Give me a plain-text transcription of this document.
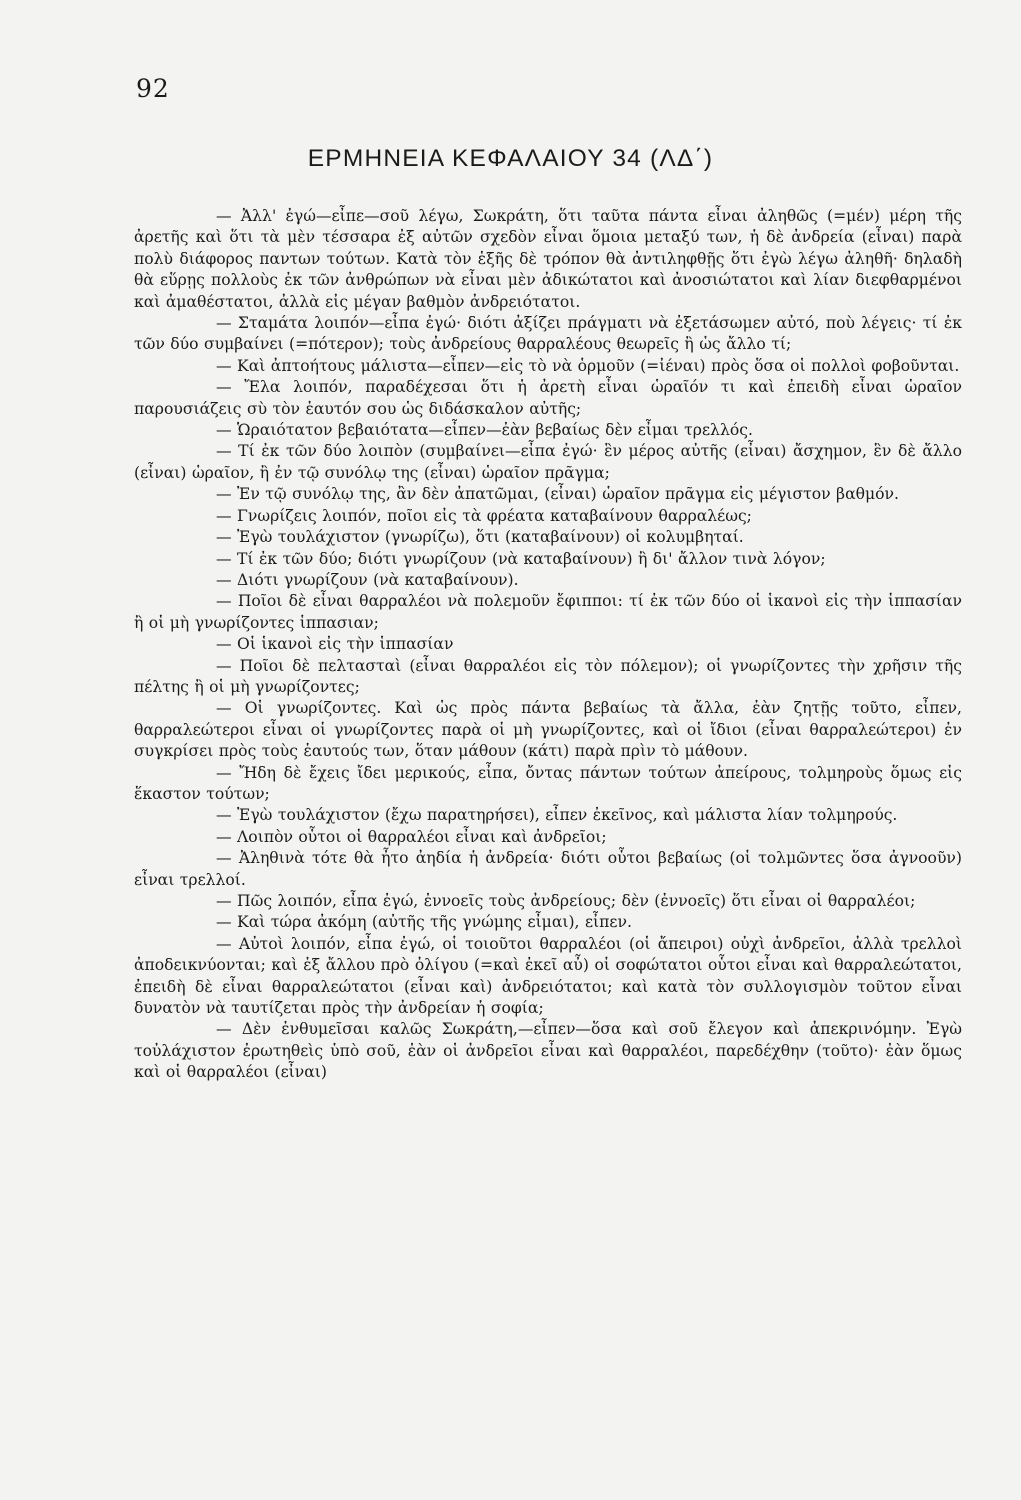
92
ΕΡΜΗΝΕΙΑ ΚΕΦΑΛΑΙΟΥ 34 (ΛΔ΄)

— Ἀλλ' ἐγώ—εἶπε—σοῦ λέγω, Σωκράτη, ὅτι ταῦτα πάντα εἶναι ἀληθῶς (=μέν) μέρη τῆς ἀρετῆς καὶ ὅτι τὰ μὲν τέσσαρα ἐξ αὐτῶν σχεδὸν εἶναι ὅμοια μεταξύ των, ἡ δὲ ἀνδρεία (εἶναι) παρὰ πολὺ διάφορος παντων τούτων. Κατὰ τὸν ἑξῆς δὲ τρόπον θὰ ἀντιληφθῇς ὅτι ἐγὼ λέγω ἀληθῆ· δηλαδὴ θὰ εὕρῃς πολλοὺς ἐκ τῶν ἀνθρώπων νὰ εἶναι μὲν ἀδικώτατοι καὶ ἀνοσιώτατοι καὶ λίαν διεφθαρμένοι καὶ ἀμαθέστατοι, ἀλλὰ εἰς μέγαν βαθμὸν ἀνδρειότατοι.

— Σταμάτα λοιπόν—εἶπα ἐγώ· διότι ἀξίζει πράγματι νὰ ἐξετάσωμεν αὐτό, ποὺ λέγεις· τί ἐκ τῶν δύο συμβαίνει (=πότερον); τοὺς ἀνδρείους θαρραλέους θεωρεῖς ἢ ὡς ἄλλο τί;

— Καὶ ἀπτοήτους μάλιστα—εἶπεν—εἰς τὸ νὰ ὁρμοῦν (=ἰέναι) πρὸς ὅσα οἱ πολλοὶ φοβοῦνται.

— Ἔλα λοιπόν, παραδέχεσαι ὅτι ἡ ἀρετὴ εἶναι ὡραῖόν τι καὶ ἐπειδὴ εἶναι ὡραῖον παρουσιάζεις σὺ τὸν ἑαυτόν σου ὡς διδάσκαλον αὐτῆς;

— Ὡραιότατον βεβαιότατα—εἶπεν—ἐὰν βεβαίως δὲν εἶμαι τρελλός.

— Τί ἐκ τῶν δύο λοιπὸν (συμβαίνει—εἶπα ἐγώ· ἓν μέρος αὐτῆς (εἶναι) ἄσχημον, ἓν δὲ ἄλλο (εἶναι) ὡραῖον, ἢ ἐν τῷ συνόλῳ της (εἶναι) ὡραῖον πρᾶγμα;

— Ἐν τῷ συνόλῳ της, ἂν δὲν ἀπατῶμαι, (εἶναι) ὡραῖον πρᾶγμα εἰς μέγιστον βαθμόν.

— Γνωρίζεις λοιπόν, ποῖοι εἰς τὰ φρέατα καταβαίνουν θαρραλέως;

— Ἐγὼ τουλάχιστον (γνωρίζω), ὅτι (καταβαίνουν) οἱ κολυμβηταί.

— Τί ἐκ τῶν δύο; διότι γνωρίζουν (νὰ καταβαίνουν) ἢ δι' ἄλλον τινὰ λόγον;

— Διότι γνωρίζουν (νὰ καταβαίνουν).

— Ποῖοι δὲ εἶναι θαρραλέοι νὰ πολεμοῦν ἔφιπποι: τί ἐκ τῶν δύο οἱ ἱκανοὶ εἰς τὴν ἱππασίαν ἢ οἱ μὴ γνωρίζοντες ἱππασιαν;

— Οἱ ἱκανοὶ εἰς τὴν ἱππασίαν

— Ποῖοι δὲ πελτασταὶ (εἶναι θαρραλέοι εἰς τὸν πόλεμον); οἱ γνωρίζοντες τὴν χρῆσιν τῆς πέλτης ἢ οἱ μὴ γνωρίζοντες;

— Οἱ γνωρίζοντες. Καὶ ὡς πρὸς πάντα βεβαίως τὰ ἄλλα, ἐὰν ζητῇς τοῦτο, εἶπεν, θαρραλεώτεροι εἶναι οἱ γνωρίζοντες παρὰ οἱ μὴ γνωρίζοντες, καὶ οἱ ἴδιοι (εἶναι θαρραλεώτεροι) ἐν συγκρίσει πρὸς τοὺς ἑαυτούς των, ὅταν μάθουν (κάτι) παρὰ πρὶν τὸ μάθουν.

— Ἤδη δὲ ἔχεις ἴδει μερικούς, εἶπα, ὄντας πάντων τούτων ἀπείρους, τολμηροὺς ὅμως εἰς ἕκαστον τούτων;

— Ἐγὼ τουλάχιστον (ἔχω παρατηρήσει), εἶπεν ἐκεῖνος, καὶ μάλιστα λίαν τολμηρούς.

— Λοιπὸν οὗτοι οἱ θαρραλέοι εἶναι καὶ ἀνδρεῖοι;

— Ἀληθινὰ τότε θὰ ἦτο ἀηδία ἡ ἀνδρεία· διότι οὗτοι βεβαίως (οἱ τολμῶντες ὅσα ἀγνοοῦν) εἶναι τρελλοί.

— Πῶς λοιπόν, εἶπα ἐγώ, ἐννοεῖς τοὺς ἀνδρείους; δὲν (ἐννοεῖς) ὅτι εἶναι οἱ θαρραλέοι;

— Καὶ τώρα ἀκόμη (αὐτῆς τῆς γνώμης εἶμαι), εἶπεν.

— Αὐτοὶ λοιπόν, εἶπα ἐγώ, οἱ τοιοῦτοι θαρραλέοι (οἱ ἄπειροι) οὐχὶ ἀνδρεῖοι, ἀλλὰ τρελλοὶ ἀποδεικνύονται; καὶ ἐξ ἄλλου πρὸ ὀλίγου (=καὶ ἐκεῖ αὖ) οἱ σοφώτατοι οὗτοι εἶναι καὶ θαρραλεώτατοι, ἐπειδὴ δὲ εἶναι θαρραλεώτατοι (εἶναι καὶ) ἀνδρειότατοι; καὶ κατὰ τὸν συλλογισμὸν τοῦτον εἶναι δυνατὸν νὰ ταυτίζεται πρὸς τὴν ἀνδρείαν ἡ σοφία;

— Δὲν ἐνθυμεῖσαι καλῶς Σωκράτη,—εἶπεν—ὅσα καὶ σοῦ ἔλεγον καὶ ἀπεκρινόμην. Ἐγὼ τοὐλάχιστον ἐρωτηθεὶς ὑπὸ σοῦ, ἐὰν οἱ ἀνδρεῖοι εἶναι καὶ θαρραλέοι, παρεδέχθην (τοῦτο)· ἐὰν ὅμως καὶ οἱ θαρραλέοι (εἶναι)
